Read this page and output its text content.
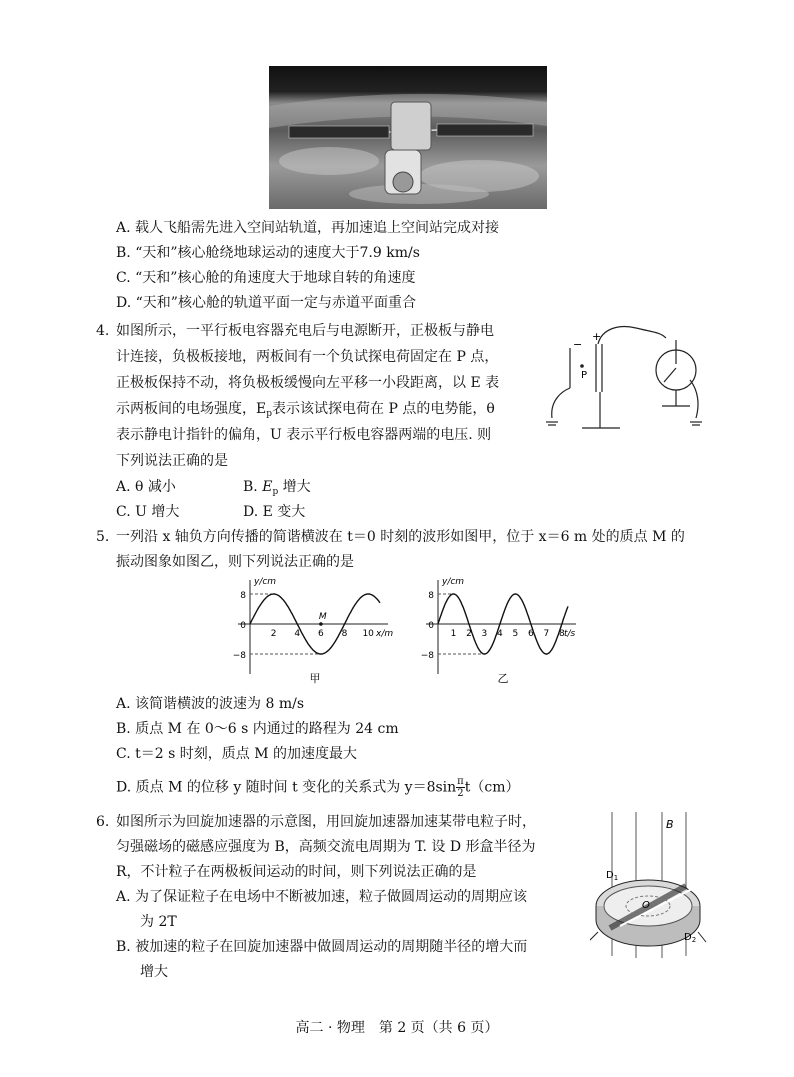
A. 载人飞船需先进入空间站轨道，再加速追上空间站完成对接
B. “天和”核心舱绕地球运动的速度大于7.9 km/s
C. “天和”核心舱的角速度大于地球自转的角速度
D. “天和”核心舱的轨道平面一定与赤道平面重合
4. 如图所示，一平行板电容器充电后与电源断开，正极板与静电
计连接，负极板接地，两板间有一个负试探电荷固定在 P 点，
正极板保持不动，将负极板缓慢向左平移一小段距离，以 E 表
示两板间的电场强度，$E_p$表示该试探电荷在 P 点的电势能，θ
表示静电计指针的偏角，U 表示平行板电容器两端的电压. 则
下列说法正确的是
A. θ 减小	B. $E_p$ 增大
C. U 增大	D. E 变大
P
−
+
5. 一列沿 x 轴负方向传播的简谐横波在 t＝0 时刻的波形如图甲，位于 x＝6 m 处的质点 M 的
振动图象如图乙，则下列说法正确的是
y/cm
x/m
8
0
−8
2 4 6 8 10
M
甲
y/cm
t/s
8
0
−8
1 2 3 4 5 6 7 8
乙
A. 该简谐横波的波速为 8 m/s
B. 质点 M 在 0～6 s 内通过的路程为 24 cm
C. t＝2 s 时刻，质点 M 的加速度最大
D. 质点 M 的位移 y 随时间 t 变化的关系式为 $y=8\sin \frac{\pi}{2} t(cm)$
6. 如图所示为回旋加速器的示意图，用回旋加速器加速某带电粒子时，
匀强磁场的磁感应强度为 B，高频交流电周期为 T. 设 D 形盒半径为
R，不计粒子在两极板间运动的时间，则下列说法正确的是
A. 为了保证粒子在电场中不断被加速，粒子做圆周运动的周期应该
为 2T
B. 被加速的粒子在回旋加速器中做圆周运动的周期随半径的增大而
增大
B
$D_1$
$D_2$
O
高二 · 物理　第 2 页（共 6 页）
